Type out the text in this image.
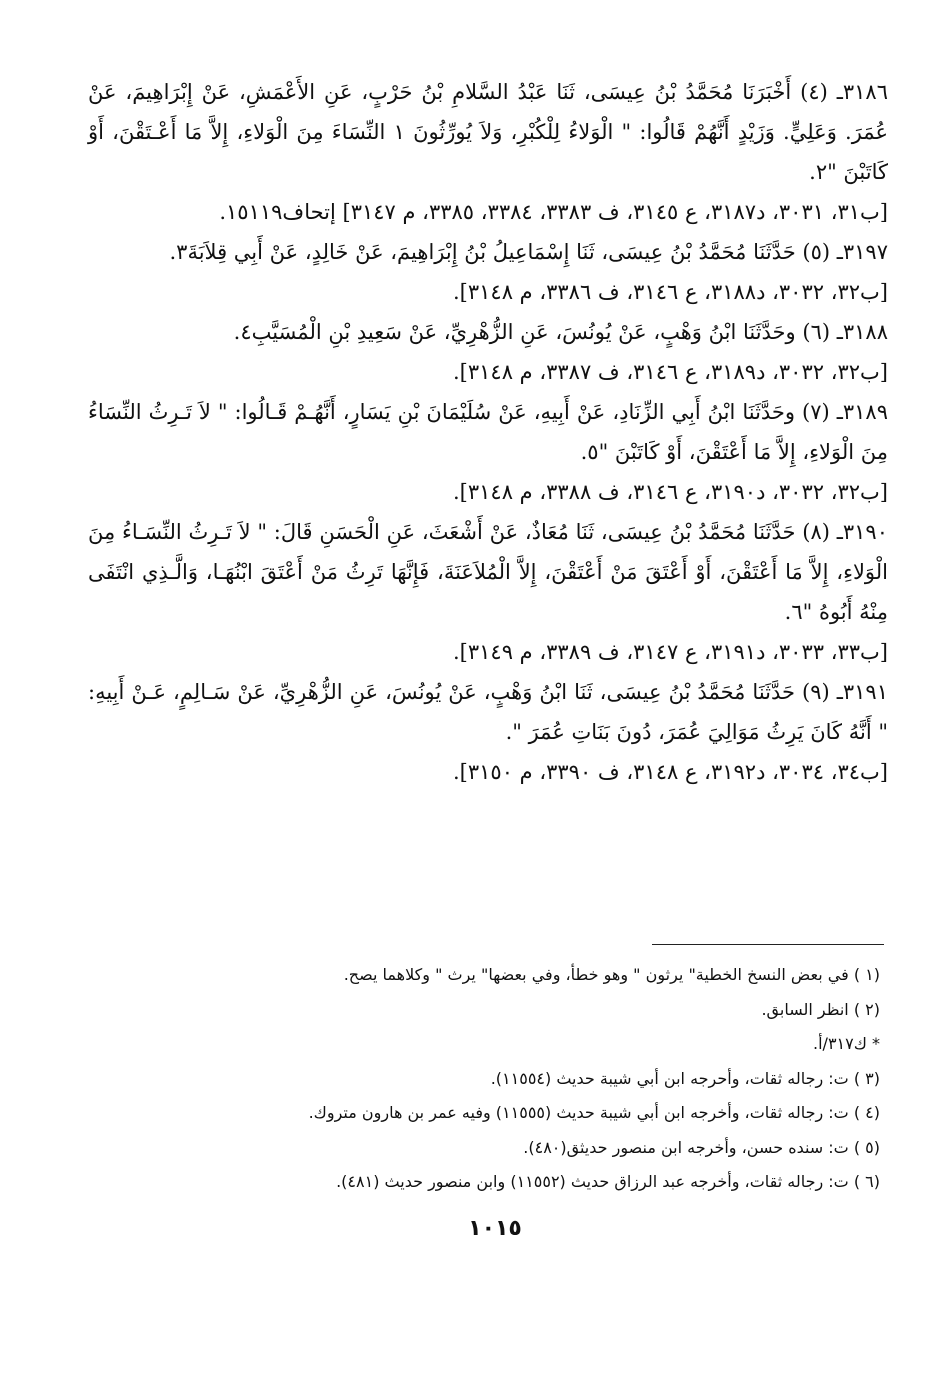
٣١٨٦ـ (٤) أَخْبَرَنَا مُحَمَّدُ بْنُ عِيسَى، ثَنَا عَبْدُ السَّلامِ بْنُ حَرْبٍ، عَنِ الأَعْمَشِ، عَنْ إِبْرَاهِيمَ، عَنْ عُمَرَ. وَعَلِيٍّ. وَزَيْدٍ أَنَّهُمْ قَالُوا: " الْوَلاءُ لِلْكُبْرِ، وَلاَ يُورِّثُونَ ١ النِّسَاءَ مِنَ الْوَلاءِ، إِلاَّ مَا أَعْـتَقْنَ، أَوْ كَاتَبْنَ "٢.

[ب٣١، ٣٠٣١، د٣١٨٧، ع ٣١٤٥، ف ٣٣٨٣، ٣٣٨٤، ٣٣٨٥، م ٣١٤٧] إتحاف١٥١١٩.

٣١٩٧ـ (٥) حَدَّثَنَا مُحَمَّدُ بْنُ عِيسَى، ثَنَا إِسْمَاعِيلُ بْنُ إِبْرَاهِيمَ، عَنْ خَالِدٍ، عَنْ أَبِي قِلاَبَةَ٣.

[ب٣٢، ٣٠٣٢، د٣١٨٨، ع ٣١٤٦، ف ٣٣٨٦، م ٣١٤٨].

٣١٨٨ـ (٦) وحَدَّثَنَا ابْنُ وَهْبٍ، عَنْ يُونُسَ، عَنِ الزُّهْرِيِّ، عَنْ سَعِيدِ بْنِ الْمُسَيَّبِ٤.

[ب٣٢، ٣٠٣٢، د٣١٨٩، ع ٣١٤٦، ف ٣٣٨٧، م ٣١٤٨].

٣١٨٩ـ (٧) وحَدَّثَنَا ابْنُ أَبِي الزِّنَادِ، عَنْ أَبِيهِ، عَنْ سُلَيْمَانَ بْنِ يَسَارٍ، أَنَّهُـمْ قَـالُوا: " لاَ تَـرِثُ النِّسَاءُ مِنَ الْوَلاءِ، إِلاَّ مَا أَعْتَقْنَ، أَوْ كَاتَبْنَ "٥.

[ب٣٢، ٣٠٣٢، د٣١٩٠، ع ٣١٤٦، ف ٣٣٨٨، م ٣١٤٨].

٣١٩٠ـ (٨) حَدَّثَنَا مُحَمَّدُ بْنُ عِيسَى، ثَنَا مُعَاذٌ، عَنْ أَشْعَثَ، عَنِ الْحَسَنِ قَالَ: " لاَ تَـرِثُ النِّسَـاءُ مِنَ الْوَلاءِ، إِلاَّ مَا أَعْتَقْنَ، أَوْ أَعْتَقَ مَنْ أَعْتَقْنَ، إِلاَّ الْمُلاَعَنَةَ، فَإِنَّهَا تَرِثُ مَنْ أَعْتَقَ ابْنُهَـا، وَالَّـذِي انْتَفَى مِنْهُ أَبُوهُ "٦.

[ب٣٣، ٣٠٣٣، د٣١٩١، ع ٣١٤٧، ف ٣٣٨٩، م ٣١٤٩].

٣١٩١ـ (٩) حَدَّثَنَا مُحَمَّدُ بْنُ عِيسَى، ثَنَا ابْنُ وَهْبٍ، عَنْ يُونُسَ، عَنِ الزُّهْرِيِّ، عَنْ سَـالِمٍ، عَـنْ أَبِيهِ: " أَنَّهُ كَانَ يَرِثُ مَوَالِيَ عُمَرَ، دُونَ بَنَاتِ عُمَرَ ".

[ب٣٤، ٣٠٣٤، د٣١٩٢، ع ٣١٤٨، ف ٣٣٩٠، م ٣١٥٠].

(١ ) في بعض النسخ الخطية" يرثون " وهو خطأ، وفي بعضها" يرث " وكلاهما يصح.

(٢ ) انظر السابق.

* ك٣١٧/أ.

(٣ ) ت: رجاله ثقات، وأحرجه ابن أبي شيبة حديث (١١٥٥٤).

(٤ ) ت: رجاله ثقات، وأخرجه ابن أبي شيبة حديث (١١٥٥٥) وفيه عمر بن هارون متروك.

(٥ ) ت: سنده حسن، وأخرجه ابن منصور حديثق(٤٨٠).

(٦ ) ت: رجاله ثقات، وأخرجه عبد الرزاق حديث (١١٥٥٢) وابن منصور حديث (٤٨١).

١٠١٥
